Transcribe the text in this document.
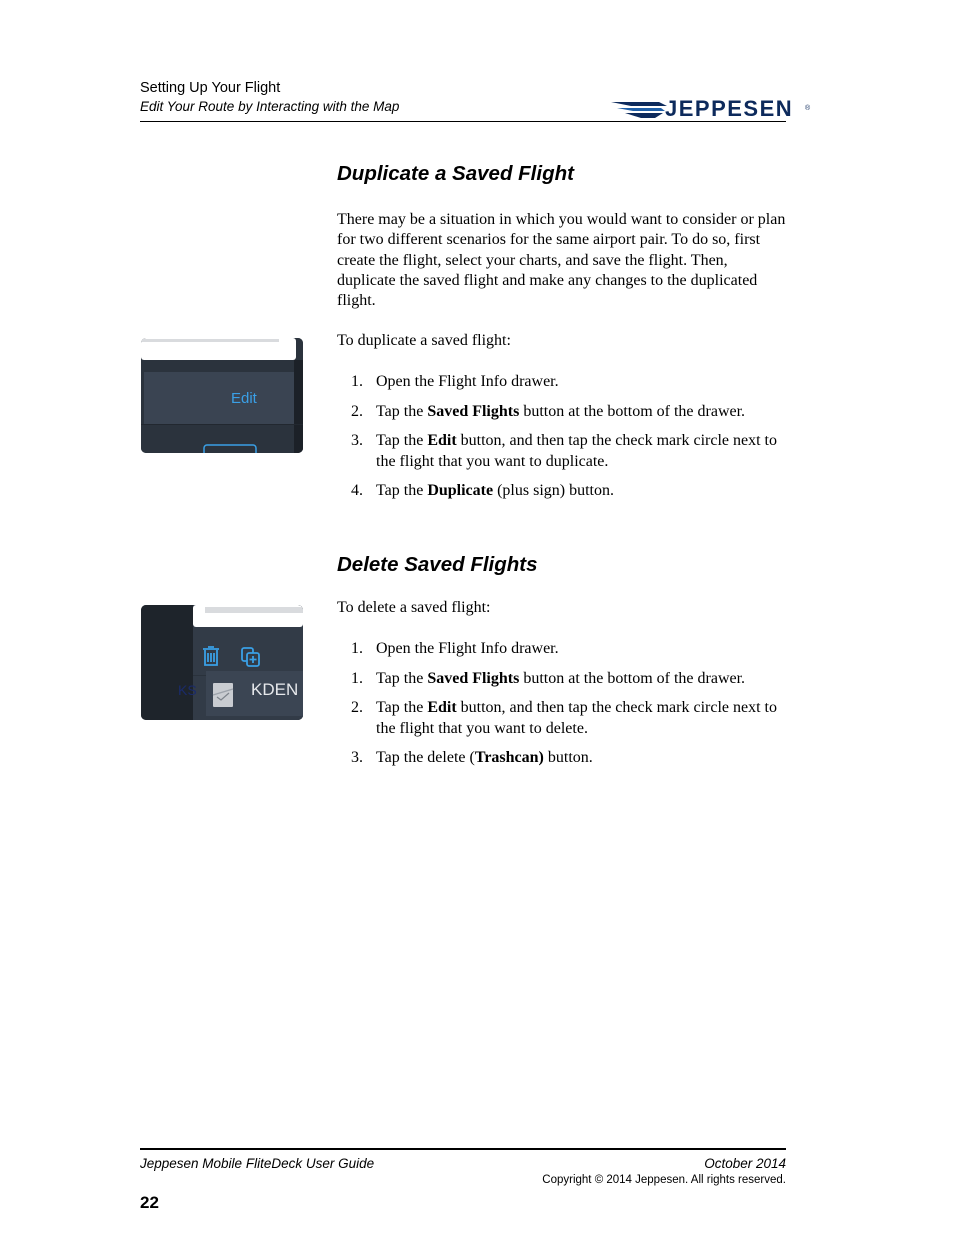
Setting Up Your Flight
Edit Your Route by Interacting with the Map	JEPPESEN ®
Duplicate a Saved Flight

There may be a situation in which you would want to consider or plan for two different scenarios for the same airport pair. To do so, first create the flight, select your charts, and save the flight. Then, duplicate the saved flight and make any changes to the duplicated flight.

To duplicate a saved flight:

1. Open the Flight Info drawer.
2. Tap the Saved Flights button at the bottom of the drawer.
3. Tap the Edit button, and then tap the check mark circle next to the flight that you want to duplicate.
4. Tap the Duplicate (plus sign) button.
Edit
Delete Saved Flights

To delete a saved flight:

1. Open the Flight Info drawer.
1. Tap the Saved Flights button at the bottom of the drawer.
2. Tap the Edit button, and then tap the check mark circle next to the flight that you want to delete.
3. Tap the delete (Trashcan) button.
KS	KDEN
Jeppesen Mobile FliteDeck User Guide	October 2014
Copyright © 2014 Jeppesen. All rights reserved.
22
